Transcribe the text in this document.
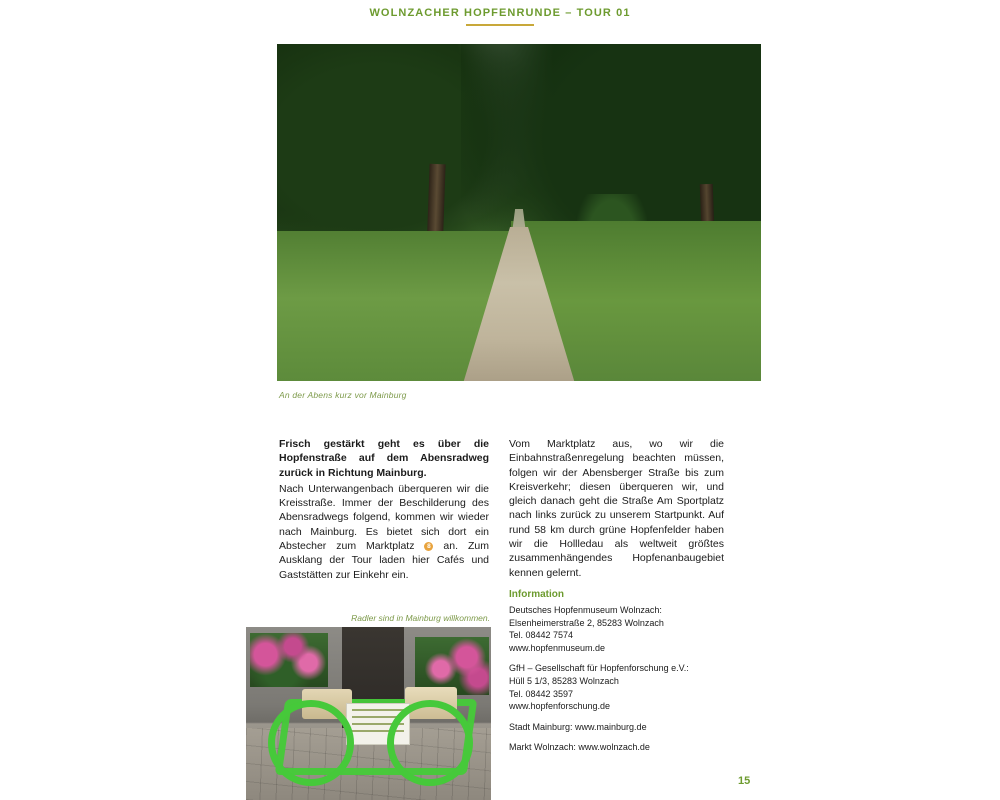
WOLNZACHER HOPFENRUNDE – TOUR 01
An der Abens kurz vor Mainburg

Frisch gestärkt geht es über die Hopfenstraße auf dem Abensradweg zurück in Richtung Mainburg.

Nach Unterwangenbach überqueren wir die Kreisstraße. Immer der Beschilderung des Abensradwegs folgend, kommen wir wieder nach Mainburg. Es bietet sich dort ein Abstecher zum Marktplatz 8 an. Zum Ausklang der Tour laden hier Cafés und Gaststätten zur Einkehr ein.

Vom Marktplatz aus, wo wir die Einbahnstraßenregelung beachten müssen, folgen wir der Abensberger Straße bis zum Kreisverkehr; diesen überqueren wir, und gleich danach geht die Straße Am Sportplatz nach links zurück zu unserem Startpunkt. Auf rund 58 km durch grüne Hopfenfelder haben wir die Hollledau als weltweit größtes zusammenhängendes Hopfenanbaugebiet kennen gelernt.

Information

Deutsches Hopfenmuseum Wolnzach:

Elsenheimerstraße 2, 85283 Wolnzach

Tel. 08442 7574

www.hopfenmuseum.de

GfH – Gesellschaft für Hopfenforschung e.V.:

Hüll 5 1/3, 85283 Wolnzach

Tel. 08442 3597

www.hopfenforschung.de

Stadt Mainburg: www.mainburg.de

Markt Wolnzach: www.wolnzach.de

Radler sind in Mainburg willkommen.
15
